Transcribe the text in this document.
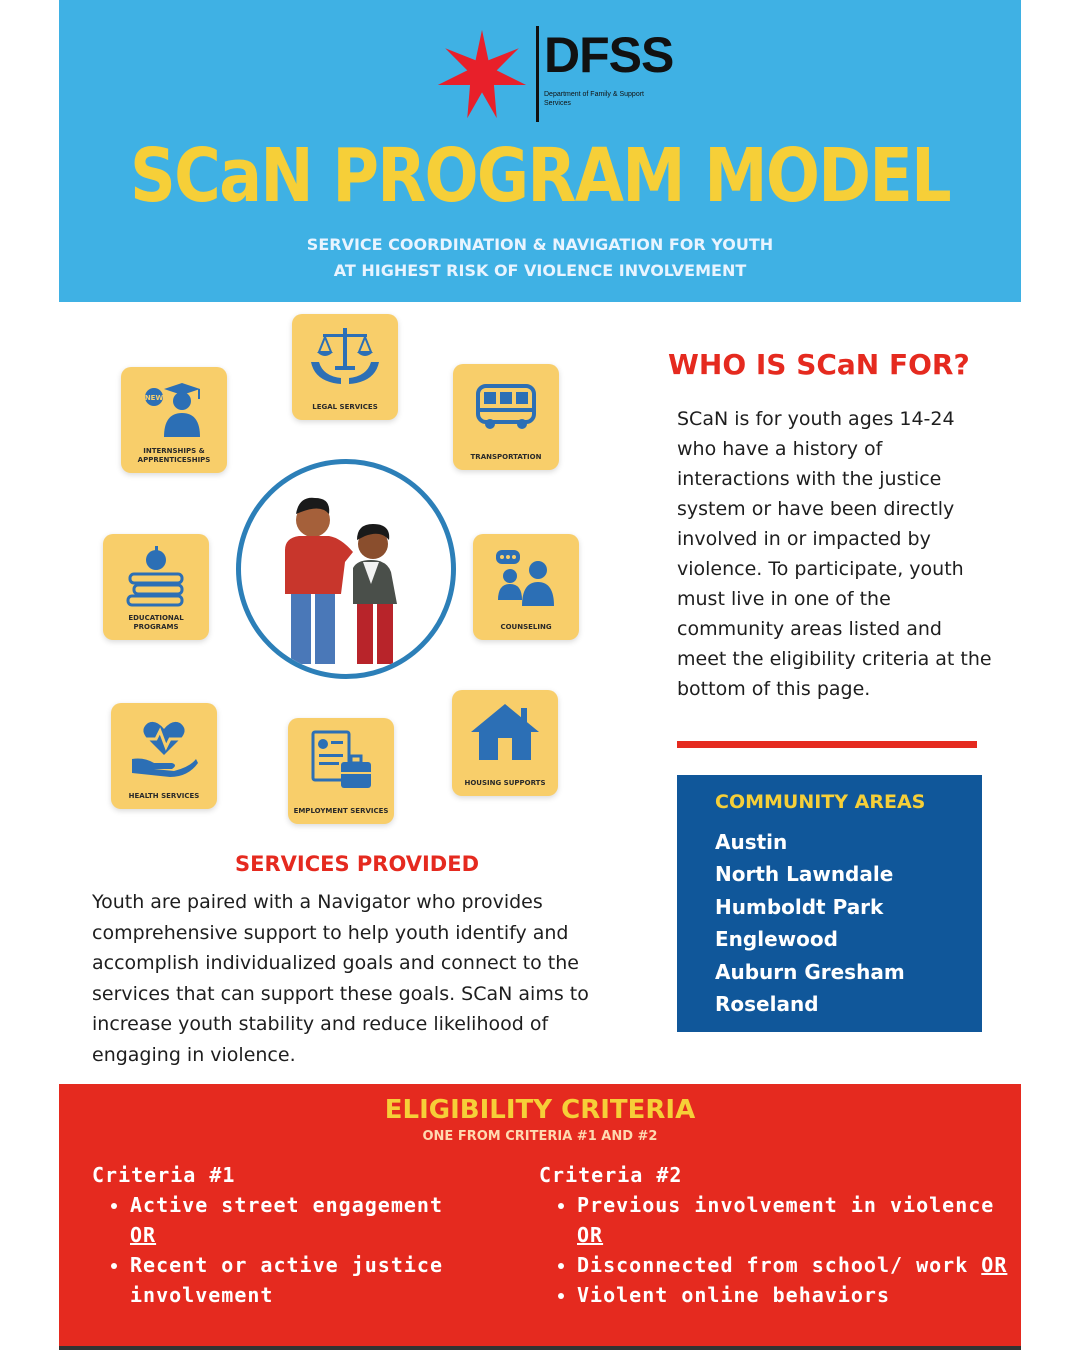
DFSS
Department of Family & Support Services
SCaN PROGRAM MODEL
SERVICE COORDINATION & NAVIGATION FOR YOUTH
AT HIGHEST RISK OF VIOLENCE INVOLVEMENT
LEGAL SERVICES
NEW
INTERNSHIPS & APPRENTICESHIPS	TRANSPORTATION
EDUCATIONAL PROGRAMS	COUNSELING
HEALTH SERVICES
EMPLOYMENT SERVICES
HOUSING SUPPORTS
SERVICES PROVIDED
Youth are paired with a Navigator who provides comprehensive support to help youth identify and accomplish individualized goals and connect to the services that can support these goals. SCaN aims to increase youth stability and reduce likelihood of engaging in violence.
WHO IS SCaN FOR?
SCaN is for youth ages 14-24 who have a history of interactions with the justice system or have been directly involved in or impacted by violence. To participate, youth must live in one of the community areas listed and meet the eligibility criteria at the bottom of this page.
COMMUNITY AREAS
Austin
North Lawndale
Humboldt Park
Englewood
Auburn Gresham
Roseland
ELIGIBILITY CRITERIA
ONE FROM CRITERIA #1 AND #2
Criteria #1
• Active street engagement
OR
• Recent or active justice involvement
Criteria #2
• Previous involvement in violence OR
• Disconnected from school/ work OR
• Violent online behaviors
